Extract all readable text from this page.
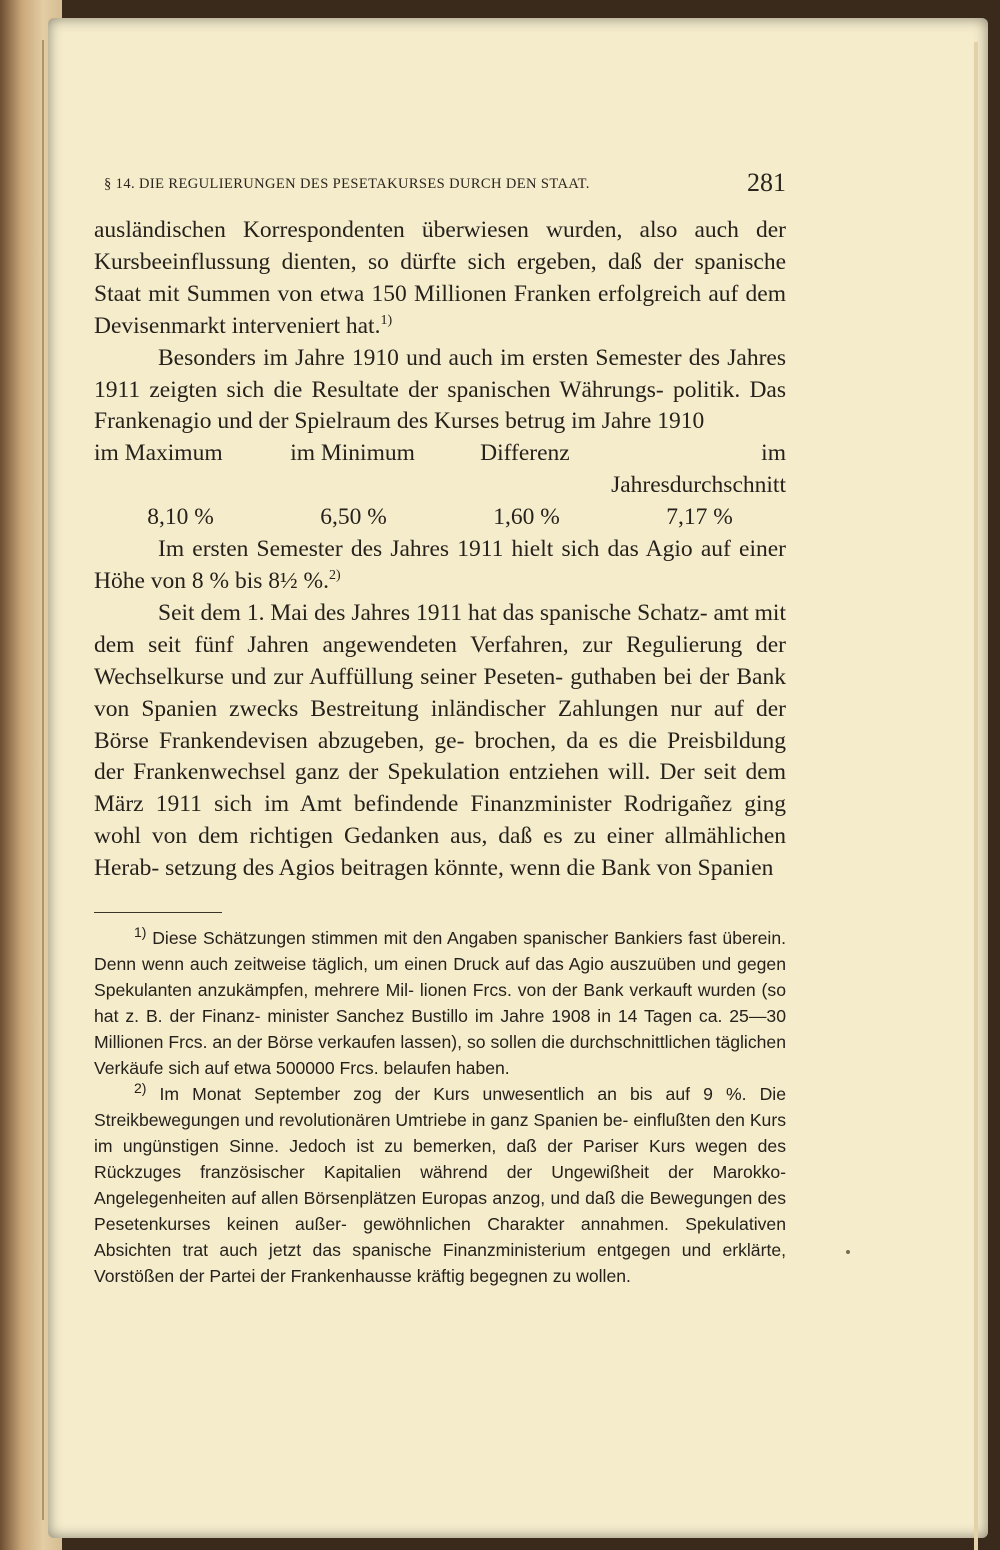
§ 14. DIE REGULIERUNGEN DES PESETAKURSES DURCH DEN STAAT.	281

ausländischen Korrespondenten überwiesen wurden, also auch der Kursbeeinflussung dienten, so dürfte sich ergeben, daß der spanische Staat mit Summen von etwa 150 Millionen Franken erfolgreich auf dem Devisenmarkt interveniert hat.$^{1)}$

Besonders im Jahre 1910 und auch im ersten Semester des Jahres 1911 zeigten sich die Resultate der spanischen Währungs- politik. Das Frankenagio und der Spielraum des Kurses betrug im Jahre 1910

im Maximum	im Minimum	Differenz	im Jahresdurchschnitt
8,10 %	6,50 %	1,60 %	7,17 %

Im ersten Semester des Jahres 1911 hielt sich das Agio auf einer Höhe von 8 % bis 8½ %.$^{2)}$

Seit dem 1. Mai des Jahres 1911 hat das spanische Schatz- amt mit dem seit fünf Jahren angewendeten Verfahren, zur Regulierung der Wechselkurse und zur Auffüllung seiner Peseten- guthaben bei der Bank von Spanien zwecks Bestreitung inländischer Zahlungen nur auf der Börse Frankendevisen abzugeben, ge- brochen, da es die Preisbildung der Frankenwechsel ganz der Spekulation entziehen will. Der seit dem März 1911 sich im Amt befindende Finanzminister Rodrigañez ging wohl von dem richtigen Gedanken aus, daß es zu einer allmählichen Herab- setzung des Agios beitragen könnte, wenn die Bank von Spanien

$^{1)}$ Diese Schätzungen stimmen mit den Angaben spanischer Bankiers fast überein. Denn wenn auch zeitweise täglich, um einen Druck auf das Agio auszuüben und gegen Spekulanten anzukämpfen, mehrere Mil- lionen Frcs. von der Bank verkauft wurden (so hat z. B. der Finanz- minister Sanchez Bustillo im Jahre 1908 in 14 Tagen ca. 25—30 Millionen Frcs. an der Börse verkaufen lassen), so sollen die durchschnittlichen täglichen Verkäufe sich auf etwa 500000 Frcs. belaufen haben.

$^{2)}$ Im Monat September zog der Kurs unwesentlich an bis auf 9 %. Die Streikbewegungen und revolutionären Umtriebe in ganz Spanien be- einflußten den Kurs im ungünstigen Sinne. Jedoch ist zu bemerken, daß der Pariser Kurs wegen des Rückzuges französischer Kapitalien während der Ungewißheit der Marokko-Angelegenheiten auf allen Börsenplätzen Europas anzog, und daß die Bewegungen des Pesetenkurses keinen außer- gewöhnlichen Charakter annahmen. Spekulativen Absichten trat auch jetzt das spanische Finanzministerium entgegen und erklärte, Vorstößen der Partei der Frankenhausse kräftig begegnen zu wollen.
